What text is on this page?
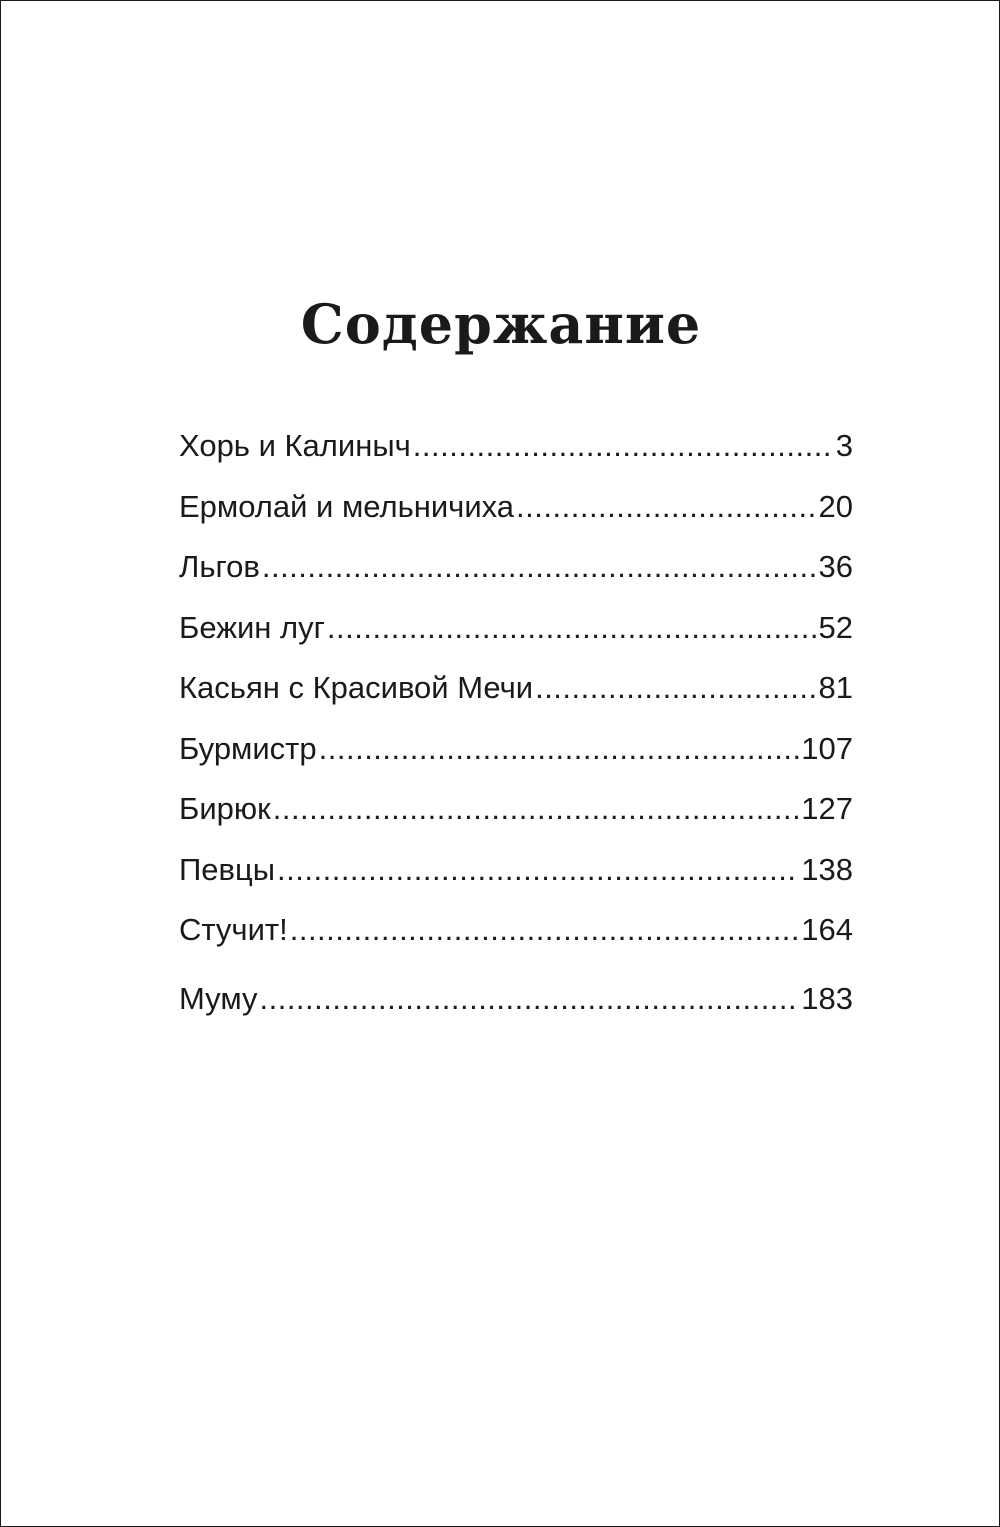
Содержание
Хорь и Калиныч .....	3
Ермолай и мельничиха .....	20
Льгов .....	36
Бежин луг .....	52
Касьян с Красивой Мечи .....	81
Бурмистр .....	107
Бирюк .....	127
Певцы .....	138
Стучит! .....	164
Муму .....	183
